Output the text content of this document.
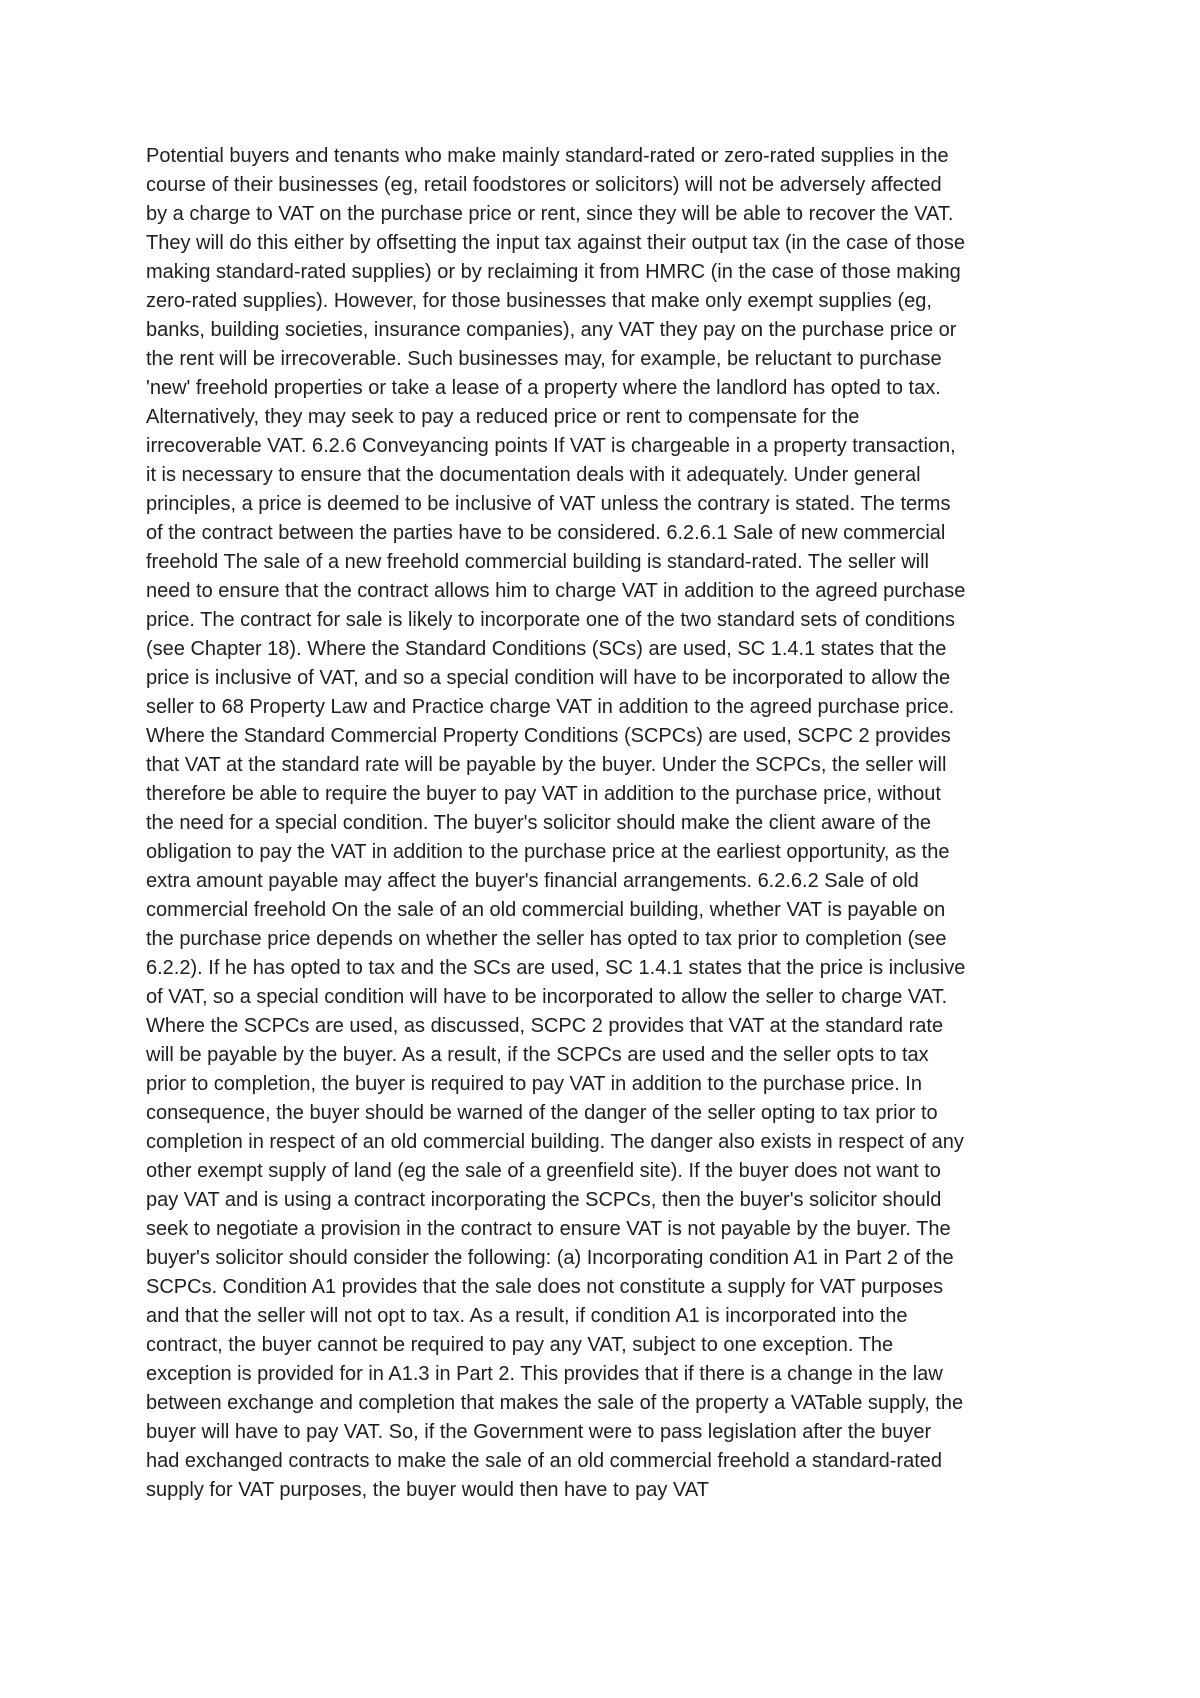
Potential buyers and tenants who make mainly standard-rated or zero-rated supplies in the
course of their businesses (eg, retail foodstores or solicitors) will not be adversely affected
by a charge to VAT on the purchase price or rent, since they will be able to recover the VAT.
They will do this either by offsetting the input tax against their output tax (in the case of those
making standard-rated supplies) or by reclaiming it from HMRC (in the case of those making
zero-rated supplies). However, for those businesses that make only exempt supplies (eg,
banks, building societies, insurance companies), any VAT they pay on the purchase price or
the rent will be irrecoverable. Such businesses may, for example, be reluctant to purchase
'new' freehold properties or take a lease of a property where the landlord has opted to tax.
Alternatively, they may seek to pay a reduced price or rent to compensate for the
irrecoverable VAT. 6.2.6 Conveyancing points If VAT is chargeable in a property transaction,
it is necessary to ensure that the documentation deals with it adequately. Under general
principles, a price is deemed to be inclusive of VAT unless the contrary is stated. The terms
of the contract between the parties have to be considered. 6.2.6.1 Sale of new commercial
freehold The sale of a new freehold commercial building is standard-rated. The seller will
need to ensure that the contract allows him to charge VAT in addition to the agreed purchase
price. The contract for sale is likely to incorporate one of the two standard sets of conditions
(see Chapter 18). Where the Standard Conditions (SCs) are used, SC 1.4.1 states that the
price is inclusive of VAT, and so a special condition will have to be incorporated to allow the
seller to 68 Property Law and Practice charge VAT in addition to the agreed purchase price.
Where the Standard Commercial Property Conditions (SCPCs) are used, SCPC 2 provides
that VAT at the standard rate will be payable by the buyer. Under the SCPCs, the seller will
therefore be able to require the buyer to pay VAT in addition to the purchase price, without
the need for a special condition. The buyer's solicitor should make the client aware of the
obligation to pay the VAT in addition to the purchase price at the earliest opportunity, as the
extra amount payable may affect the buyer's financial arrangements. 6.2.6.2 Sale of old
commercial freehold On the sale of an old commercial building, whether VAT is payable on
the purchase price depends on whether the seller has opted to tax prior to completion (see
6.2.2). If he has opted to tax and the SCs are used, SC 1.4.1 states that the price is inclusive
of VAT, so a special condition will have to be incorporated to allow the seller to charge VAT.
Where the SCPCs are used, as discussed, SCPC 2 provides that VAT at the standard rate
will be payable by the buyer. As a result, if the SCPCs are used and the seller opts to tax
prior to completion, the buyer is required to pay VAT in addition to the purchase price. In
consequence, the buyer should be warned of the danger of the seller opting to tax prior to
completion in respect of an old commercial building. The danger also exists in respect of any
other exempt supply of land (eg the sale of a greenfield site). If the buyer does not want to
pay VAT and is using a contract incorporating the SCPCs, then the buyer's solicitor should
seek to negotiate a provision in the contract to ensure VAT is not payable by the buyer. The
buyer's solicitor should consider the following: (a) Incorporating condition A1 in Part 2 of the
SCPCs. Condition A1 provides that the sale does not constitute a supply for VAT purposes
and that the seller will not opt to tax. As a result, if condition A1 is incorporated into the
contract, the buyer cannot be required to pay any VAT, subject to one exception. The
exception is provided for in A1.3 in Part 2. This provides that if there is a change in the law
between exchange and completion that makes the sale of the property a VATable supply, the
buyer will have to pay VAT. So, if the Government were to pass legislation after the buyer
had exchanged contracts to make the sale of an old commercial freehold a standard-rated
supply for VAT purposes, the buyer would then have to pay VAT
